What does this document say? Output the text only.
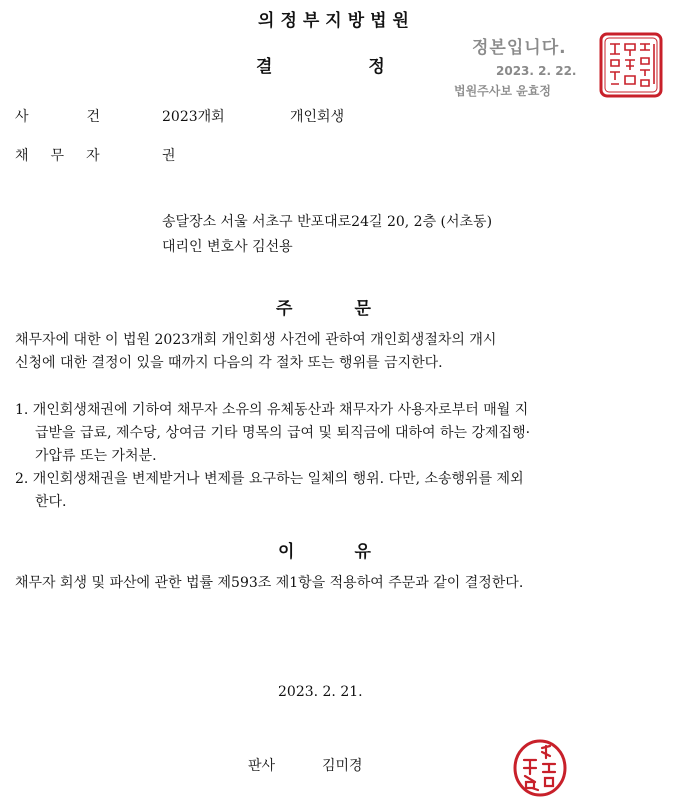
의정부지방법원
결	정
정본입니다.
2023. 2. 22.
법원주사보 윤효정
사	건	2023개회	개인회생
채 무 자	권
송달장소 서울 서초구 반포대로24길 20, 2층 (서초동)
대리인 변호사 김선용
주	문
채무자에 대한 이 법원 2023개회 개인회생 사건에 관하여 개인회생절차의 개시
신청에 대한 결정이 있을 때까지 다음의 각 절차 또는 행위를 금지한다.
1. 개인회생채권에 기하여 채무자 소유의 유체동산과 채무자가 사용자로부터 매월 지
급받을 급료, 제수당, 상여금 기타 명목의 급여 및 퇴직금에 대하여 하는 강제집행·
가압류 또는 가처분.
2. 개인회생채권을 변제받거나 변제를 요구하는 일체의 행위. 다만, 소송행위를 제외
한다.
이	유
채무자 회생 및 파산에 관한 법률 제593조 제1항을 적용하여 주문과 같이 결정한다.
2023. 2. 21.
판사	김미경
